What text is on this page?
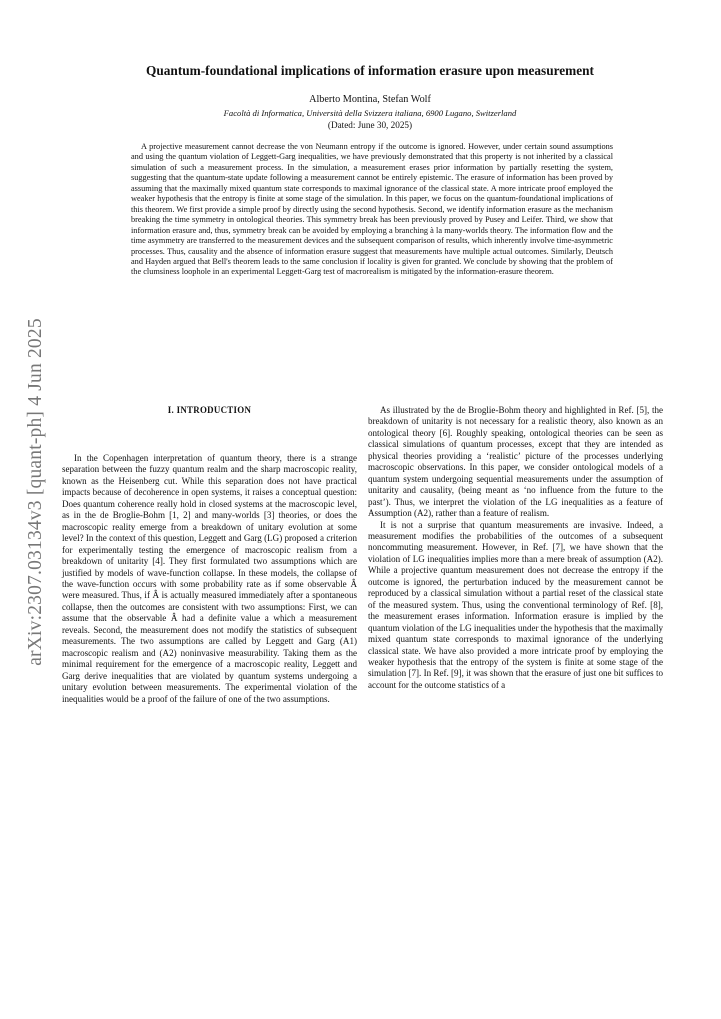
arXiv:2307.03134v3 [quant-ph] 4 Jun 2025
Quantum-foundational implications of information erasure upon measurement
Alberto Montina, Stefan Wolf
Facoltà di Informatica, Università della Svizzera italiana, 6900 Lugano, Switzerland
(Dated: June 30, 2025)

A projective measurement cannot decrease the von Neumann entropy if the outcome is ignored. However, under certain sound assumptions and using the quantum violation of Leggett-Garg inequalities, we have previously demonstrated that this property is not inherited by a classical simulation of such a measurement process. In the simulation, a measurement erases prior information by partially resetting the system, suggesting that the quantum-state update following a measurement cannot be entirely epistemic. The erasure of information has been proved by assuming that the maximally mixed quantum state corresponds to maximal ignorance of the classical state. A more intricate proof employed the weaker hypothesis that the entropy is finite at some stage of the simulation. In this paper, we focus on the quantum-foundational implications of this theorem. We first provide a simple proof by directly using the second hypothesis. Second, we identify information erasure as the mechanism breaking the time symmetry in ontological theories. This symmetry break has been previously proved by Pusey and Leifer. Third, we show that information erasure and, thus, symmetry break can be avoided by employing a branching à la many-worlds theory. The information flow and the time asymmetry are transferred to the measurement devices and the subsequent comparison of results, which inherently involve time-asymmetric processes. Thus, causality and the absence of information erasure suggest that measurements have multiple actual outcomes. Similarly, Deutsch and Hayden argued that Bell's theorem leads to the same conclusion if locality is given for granted. We conclude by showing that the problem of the clumsiness loophole in an experimental Leggett-Garg test of macrorealism is mitigated by the information-erasure theorem.

I. INTRODUCTION

In the Copenhagen interpretation of quantum theory, there is a strange separation between the fuzzy quantum realm and the sharp macroscopic reality, known as the Heisenberg cut. While this separation does not have practical impacts because of decoherence in open systems, it raises a conceptual question: Does quantum coherence really hold in closed systems at the macroscopic level, as in the de Broglie-Bohm [1, 2] and many-worlds [3] theories, or does the macroscopic reality emerge from a breakdown of unitary evolution at some level? In the context of this question, Leggett and Garg (LG) proposed a criterion for experimentally testing the emergence of macroscopic realism from a breakdown of unitarity [4]. They first formulated two assumptions which are justified by models of wave-function collapse. In these models, the collapse of the wave-function occurs with some probability rate as if some observable Â were measured. Thus, if Â is actually measured immediately after a spontaneous collapse, then the outcomes are consistent with two assumptions: First, we can assume that the observable Â had a definite value a which a measurement reveals. Second, the measurement does not modify the statistics of subsequent measurements. The two assumptions are called by Leggett and Garg (A1) macroscopic realism and (A2) noninvasive measurability. Taking them as the minimal requirement for the emergence of a macroscopic reality, Leggett and Garg derive inequalities that are violated by quantum systems undergoing a unitary evolution between measurements. The experimental violation of the inequalities would be a proof of the failure of one of the two assumptions.

As illustrated by the de Broglie-Bohm theory and highlighted in Ref. [5], the breakdown of unitarity is not necessary for a realistic theory, also known as an ontological theory [6]. Roughly speaking, ontological theories can be seen as classical simulations of quantum processes, except that they are intended as physical theories providing a ‘realistic’ picture of the processes underlying macroscopic observations. In this paper, we consider ontological models of a quantum system undergoing sequential measurements under the assumption of unitarity and causality, (being meant as ‘no influence from the future to the past’). Thus, we interpret the violation of the LG inequalities as a feature of Assumption (A2), rather than a feature of realism.

It is not a surprise that quantum measurements are invasive. Indeed, a measurement modifies the probabilities of the outcomes of a subsequent noncommuting measurement. However, in Ref. [7], we have shown that the violation of LG inequalities implies more than a mere break of assumption (A2). While a projective quantum measurement does not decrease the entropy if the outcome is ignored, the perturbation induced by the measurement cannot be reproduced by a classical simulation without a partial reset of the classical state of the measured system. Thus, using the conventional terminology of Ref. [8], the measurement erases information. Information erasure is implied by the quantum violation of the LG inequalities under the hypothesis that the maximally mixed quantum state corresponds to maximal ignorance of the underlying classical state. We have also provided a more intricate proof by employing the weaker hypothesis that the entropy of the system is finite at some stage of the simulation [7]. In Ref. [9], it was shown that the erasure of just one bit suffices to account for the outcome statistics of a
